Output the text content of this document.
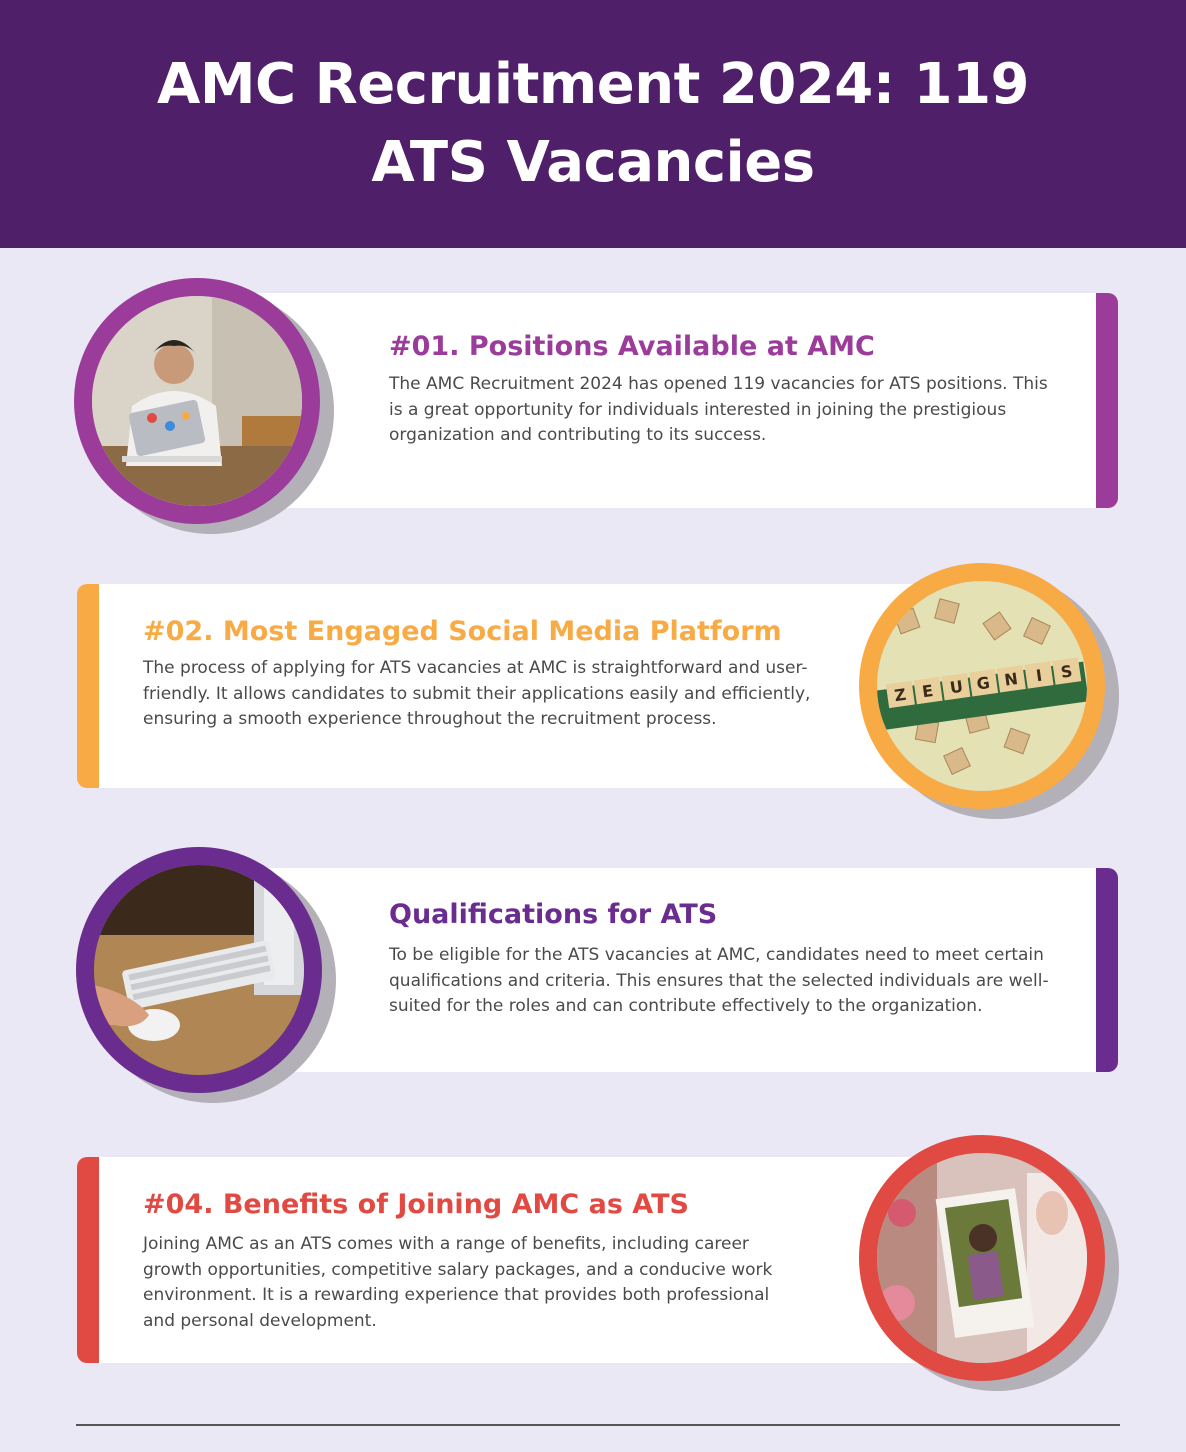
AMC Recruitment 2024: 119 ATS Vacancies
#01. Positions Available at AMC

The AMC Recruitment 2024 has opened 119 vacancies for ATS positions. This is a great opportunity for individuals interested in joining the prestigious organization and contributing to its success.

#02. Most Engaged Social Media Platform

The process of applying for ATS vacancies at AMC is straightforward and user-friendly. It allows candidates to submit their applications easily and efficiently, ensuring a smooth experience throughout the recruitment process.

Z E U G N I S
Qualifications for ATS

To be eligible for the ATS vacancies at AMC, candidates need to meet certain qualifications and criteria. This ensures that the selected individuals are well-suited for the roles and can contribute effectively to the organization.

#04. Benefits of Joining AMC as ATS

Joining AMC as an ATS comes with a range of benefits, including career growth opportunities, competitive salary packages, and a conducive work environment. It is a rewarding experience that provides both professional and personal development.
